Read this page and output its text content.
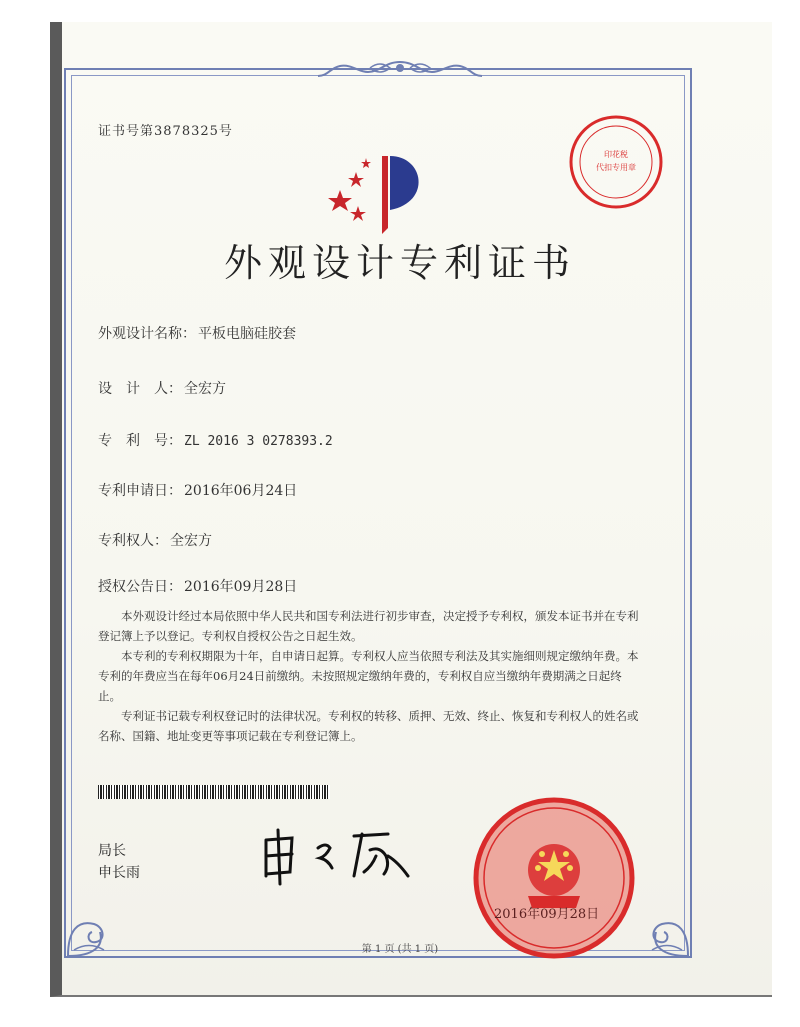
证书号第3878325号
印花税
代扣专用章
外观设计专利证书
外观设计名称： 平板电脑硅胶套
设　计　人： 全宏方
专　利　号： ZL 2016 3 0278393.2
专利申请日： 2016年06月24日
专利权人： 全宏方
授权公告日： 2016年09月28日

本外观设计经过本局依照中华人民共和国专利法进行初步审查，决定授予专利权，颁发本证书并在专利登记簿上予以登记。专利权自授权公告之日起生效。

本专利的专利权期限为十年，自申请日起算。专利权人应当依照专利法及其实施细则规定缴纳年费。本专利的年费应当在每年06月24日前缴纳。未按照规定缴纳年费的，专利权自应当缴纳年费期满之日起终止。

专利证书记载专利权登记时的法律状况。专利权的转移、质押、无效、终止、恢复和专利权人的姓名或名称、国籍、地址变更等事项记载在专利登记簿上。

局长
申长雨
2016年09月28日
第 1 页 (共 1 页)
